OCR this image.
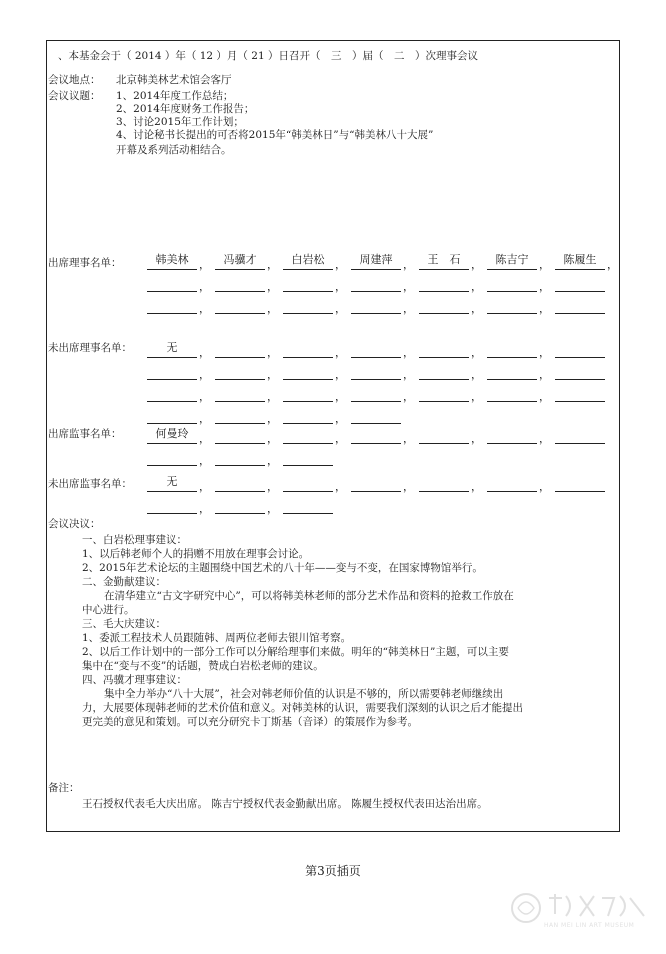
、本基金会于（ 2014 ）年（ 12 ）月（ 21 ）日召开（　三　）届（　二　）次理事会议
会议地点： 北京韩美林艺术馆会客厅
会议议题： 1、2014年度工作总结；
2、2014年度财务工作报告；
3、讨论2015年工作计划；
4、讨论秘书长提出的可否将2015年“韩美林日”与“韩美林八十大展”
开幕及系列活动相结合。
出席理事名单：	韩美林 ，	冯骥才 ，	白岩松 ，	周建萍 ，	王　石 ，	陈吉宁 ，	陈履生 ，
，	，	，	，	，	，
，	，	，	，	，	，
未出席理事名单：	无	，	，	，	，	，	，
，	，	，	，	，	，
，	，	，	，	，	，
，	，	，
出席监事名单：	何曼玲 ，	，	，	，	，	，
，	，
未出席监事名单：	无	，	，	，	，	，	，
，	，
会议决议：
一、白岩松理事建议：
1、以后韩老师个人的捐赠不用放在理事会讨论。
2、2015年艺术论坛的主题围绕中国艺术的八十年——变与不变，在国家博物馆举行。
二、金勤献建议：
在清华建立“古文字研究中心”，可以将韩美林老师的部分艺术作品和资料的抢救工作放在
中心进行。
三、毛大庆建议：
1、委派工程技术人员跟随韩、周两位老师去银川馆考察。
2、以后工作计划中的一部分工作可以分解给理事们来做。明年的“韩美林日”主题，可以主要
集中在“变与不变”的话题，赞成白岩松老师的建议。
四、冯骥才理事建议：
集中全力举办“八十大展”，社会对韩老师价值的认识是不够的，所以需要韩老师继续出
力，大展要体现韩老师的艺术价值和意义。对韩美林的认识，需要我们深刻的认识之后才能提出
更完美的意见和策划。可以充分研究卡丁斯基（音译）的策展作为参考。
备注：
王石授权代表毛大庆出席。 陈吉宁授权代表金勤献出席。 陈履生授权代表田达治出席。
第3页插页
HAN MEI LIN ART MUSEUM
